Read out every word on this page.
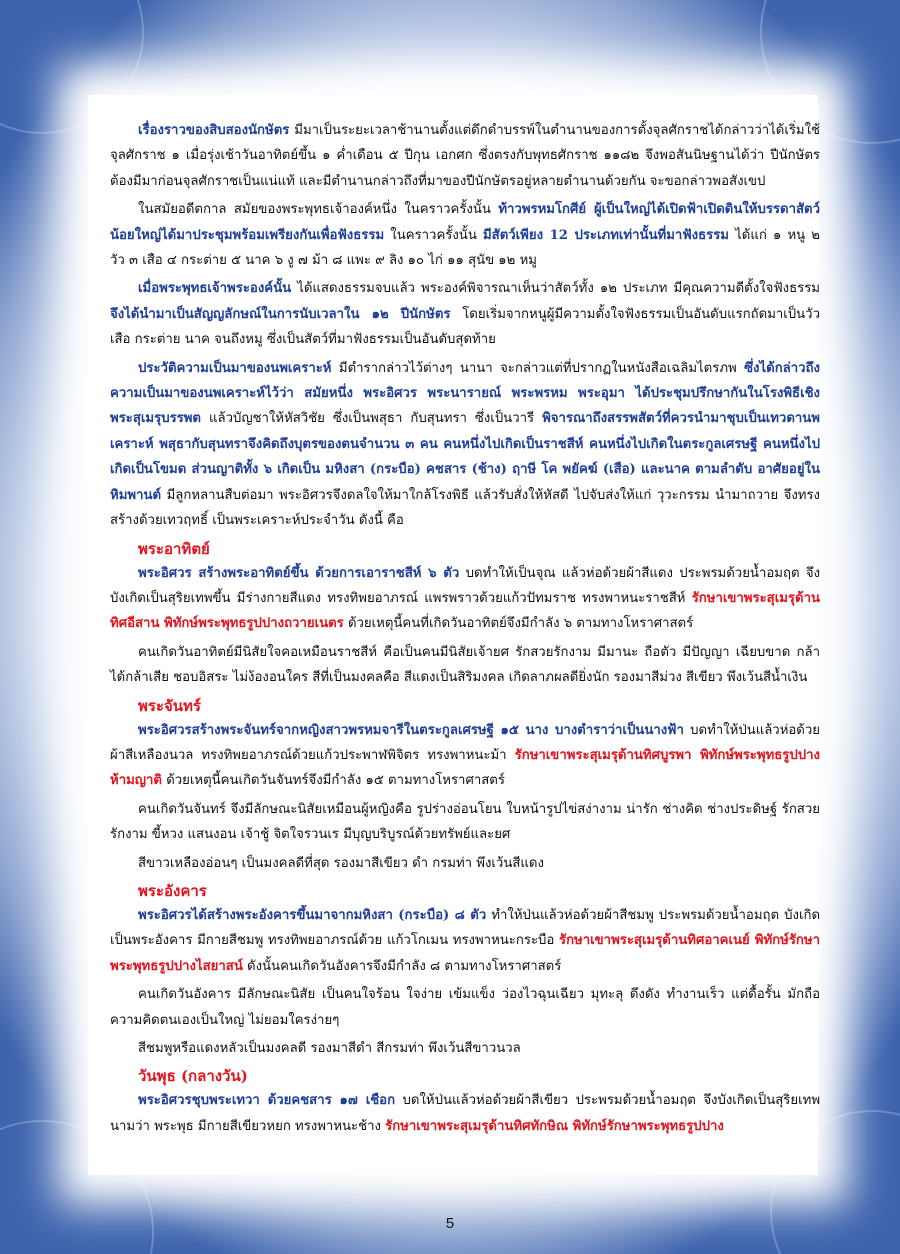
เรื่องราวของสิบสองนักษัตร มีมาเป็นระยะเวลาช้านานตั้งแต่ดึกดำบรรพ์ในตำนานของการตั้งจุลศักราชได้กล่าวว่าได้เริ่มใช้จุลศักราช ๑ เมื่อรุ่งเช้าวันอาทิตย์ขึ้น ๑ ค่ำเดือน ๕ ปีกุน เอกศก ซึ่งตรงกับพุทธศักราช ๑๑๘๒ จึงพอสันนิษฐานได้ว่า ปีนักษัตร ต้องมีมาก่อนจุลศักราชเป็นแน่แท้ และมีตำนานกล่าวถึงที่มาของปีนักษัตรอยู่หลายตำนานด้วยกัน จะขอกล่าวพอสังเขป

ในสมัยอดีตกาล สมัยของพระพุทธเจ้าองค์หนึ่ง ในคราวครั้งนั้น ท้าวพรหมโกศีย์ ผู้เป็นใหญ่ได้เปิดฟ้าเปิดดินให้บรรดาสัตว์น้อยใหญ่ได้มาประชุมพร้อมเพรียงกันเพื่อฟังธรรม ในคราวครั้งนั้น มีสัตว์เพียง 12 ประเภทเท่านั้นที่มาฟังธรรม ได้แก่ ๑ หนู ๒ วัว ๓ เสือ ๔ กระต่าย ๕ นาค ๖ งู ๗ ม้า ๘ แพะ ๙ ลิง ๑๐ ไก่ ๑๑ สุนัข ๑๒ หมู

เมื่อพระพุทธเจ้าพระองค์นั้น ได้แสดงธรรมจบแล้ว พระองค์พิจารณาเห็นว่าสัตว์ทั้ง ๑๒ ประเภท มีคุณความดีตั้งใจฟังธรรม จึงได้นำมาเป็นสัญญลักษณ์ในการนับเวลาใน ๑๒ ปีนักษัตร โดยเริ่มจากหนูผู้มีความตั้งใจฟังธรรมเป็นอันดับแรกถัดมาเป็นวัว เสือ กระต่าย นาค จนถึงหมู ซึ่งเป็นสัตว์ที่มาฟังธรรมเป็นอันดับสุดท้าย

ประวัติความเป็นมาของนพเคราะห์ มีตำรากล่าวไว้ต่างๆ นานา จะกล่าวแต่ที่ปรากฏในหนังสือเฉลิมไตรภพ ซึ่งได้กล่าวถึงความเป็นมาของนพเคราะห์ไว้ว่า สมัยหนึ่ง พระอิศวร พระนารายณ์ พระพรหม พระอุมา ได้ประชุมปรึกษากันในโรงพิธีเชิงพระสุเมรุบรรพต แล้วบัญชาให้หัสวิชัย ซึ่งเป็นพสุธา กับสุนทรา ซึ่งเป็นวารี พิจารณาถึงสรรพสัตว์ที่ควรนำมาชุบเป็นเทวดานพเคราะห์ พสุธากับสุนทราจึงคิดถึงบุตรของตนจำนวน ๓ คน คนหนึ่งไปเกิดเป็นราชสีห์ คนหนึ่งไปเกิดในตระกูลเศรษฐี คนหนึ่งไปเกิดเป็นโขมด ส่วนญาติทั้ง ๖ เกิดเป็น มหิงสา (กระบือ) คชสาร (ช้าง) ฤาษี โค พยัคฆ์ (เสือ) และนาค ตามลำดับ อาศัยอยู่ในหิมพานต์ มีลูกหลานสืบต่อมา พระอิศวรจึงดลใจให้มาใกล้โรงพิธี แล้วรับสั่งให้หัสดี ไปจับส่งให้แก่ วุวะกรรม นำมาถวาย จึงทรงสร้างด้วยเทวฤทธิ์ เป็นพระเคราะห์ประจำวัน ดังนี้ คือ

พระอาทิตย์

พระอิศวร สร้างพระอาทิตย์ขึ้น ด้วยการเอาราชสีห์ ๖ ตัว บดทำให้เป็นจุณ แล้วห่อด้วยผ้าสีแดง ประพรมด้วยน้ำอมฤต จึงบังเกิดเป็นสุริยเทพขึ้น มีร่างกายสีแดง ทรงทิพยอาภรณ์ แพรพราวด้วยแก้วปัทมราช ทรงพาหนะราชสีห์ รักษาเขาพระสุเมรุด้านทิศอีสาน พิทักษ์พระพุทธรูปปางถวายเนตร ด้วยเหตุนี้คนที่เกิดวันอาทิตย์จึงมีกำลัง ๖ ตามทางโหราศาสตร์

คนเกิดวันอาทิตย์มีนิสัยใจคอเหมือนราชสีห์ คือเป็นคนมีนิสัยเจ้ายศ รักสวยรักงาม มีมานะ ถือตัว มีปัญญา เฉียบขาด กล้าได้กล้าเสีย ชอบอิสระ ไม่ง้องอนใคร สีที่เป็นมงคลคือ สีแดงเป็นสิริมงคล เกิดลาภผลดียิ่งนัก รองมาสีม่วง สีเขียว พึงเว้นสีน้ำเงิน

พระจันทร์

พระอิศวรสร้างพระจันทร์จากหญิงสาวพรหมจารีในตระกูลเศรษฐี ๑๕ นาง บางตำราว่าเป็นนางฟ้า บดทำให้ป่นแล้วห่อด้วยผ้าสีเหลืองนวล ทรงทิพยอาภรณ์ด้วยแก้วประพาฬพิจิตร ทรงพาหนะม้า รักษาเขาพระสุเมรุด้านทิศบูรพา พิทักษ์พระพุทธรูปปางห้ามญาติ ด้วยเหตุนี้คนเกิดวันจันทร์จึงมีกำลัง ๑๕ ตามทางโหราศาสตร์

คนเกิดวันจันทร์ จึงมีลักษณะนิสัยเหมือนผู้หญิงคือ รูปร่างอ่อนโยน ใบหน้ารูปไข่สง่างาม น่ารัก ช่างคิด ช่างประดิษฐ์ รักสวยรักงาม ขี้หวง แสนงอน เจ้าชู้ จิตใจรวนเร มีบุญบริบูรณ์ด้วยทรัพย์และยศ

สีขาวเหลืองอ่อนๆ เป็นมงคลดีที่สุด รองมาสีเขียว ดำ กรมท่า พึงเว้นสีแดง

พระอังคาร

พระอิศวรได้สร้างพระอังคารขึ้นมาจากมหิงสา (กระบือ) ๘ ตัว ทำให้ป่นแล้วห่อด้วยผ้าสีชมพู ประพรมด้วยน้ำอมฤต บังเกิดเป็นพระอังคาร มีกายสีชมพู ทรงทิพยอาภรณ์ด้วย แก้วโกเมน ทรงพาหนะกระบือ รักษาเขาพระสุเมรุด้านทิศอาคเนย์ พิทักษ์รักษาพระพุทธรูปปางไสยาสน์ ดังนั้นคนเกิดวันอังคารจึงมีกำลัง ๘ ตามทางโหราศาสตร์

คนเกิดวันอังคาร มีลักษณะนิสัย เป็นคนใจร้อน ใจง่าย เข้มแข็ง ว่องไวฉุนเฉียว มุทะลุ ดึงดัง ทำงานเร็ว แต่ดื้อรั้น มักถือความคิดตนเองเป็นใหญ่ ไม่ยอมใครง่ายๆ

สีชมพูหรือแดงหลัวเป็นมงคลดี รองมาสีดำ สีกรมท่า พึงเว้นสีขาวนวล

วันพุธ (กลางวัน)

พระอิศวรชุบพระเทวา ด้วยคชสาร ๑๗ เชือก บดให้ป่นแล้วห่อด้วยผ้าสีเขียว ประพรมด้วยน้ำอมฤต จึงบังเกิดเป็นสุริยเทพนามว่า พระพุธ มีกายสีเขียวหยก ทรงพาหนะช้าง รักษาเขาพระสุเมรุด้านทิศทักษิณ พิทักษ์รักษาพระพุทธรูปปาง

5
